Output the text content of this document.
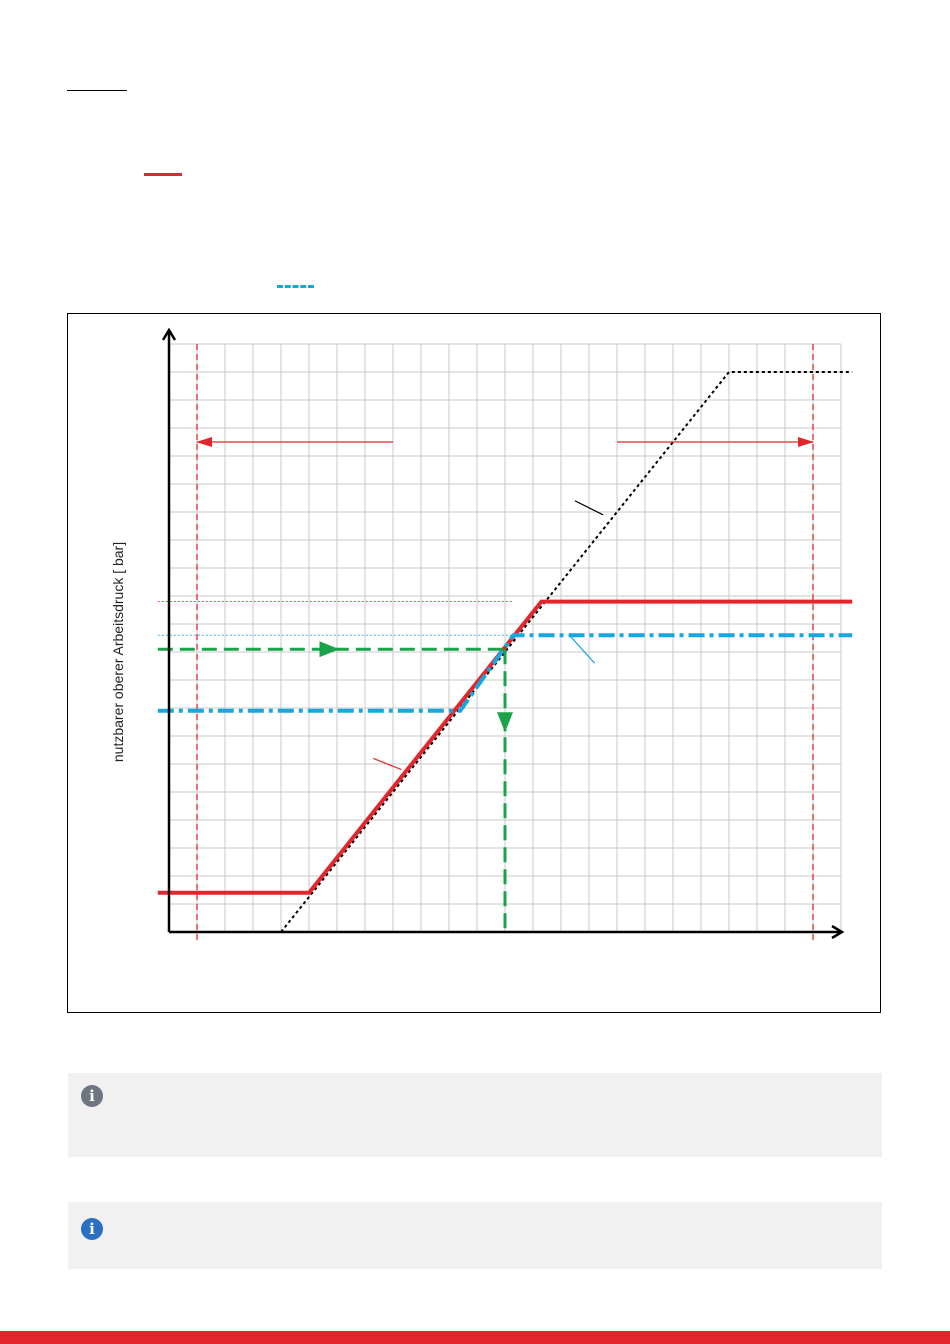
nutzbarer oberer Arbeitsdruck [ bar]
i
i
